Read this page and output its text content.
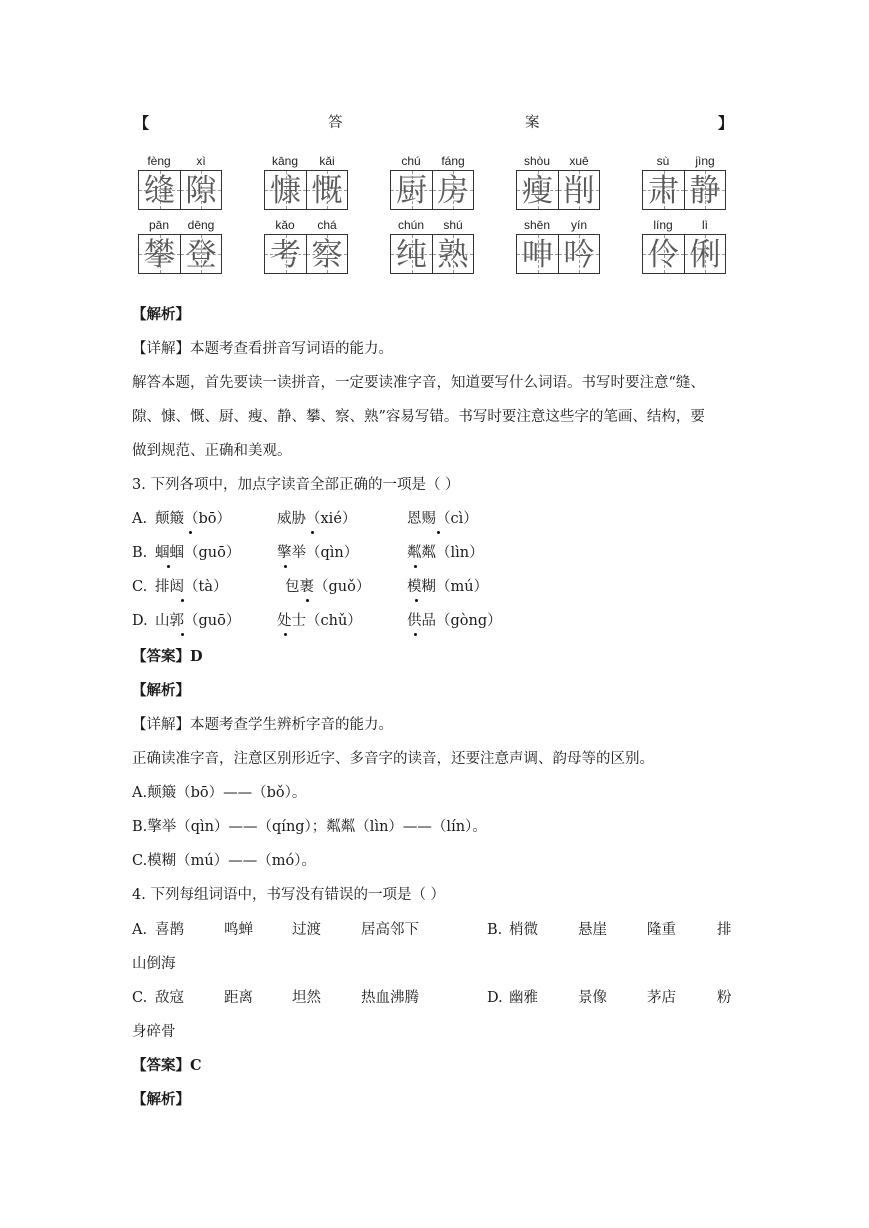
【	答	案	】
fèng xì
缝 隙
kāng kǎi
慷 慨
chú fáng
厨 房
shòu xuē
瘦 削
sù jìng
肃 静
pān dēng
攀 登
kǎo chá
考 察
chún shú
纯 熟
shēn yín
呻 吟
líng lì
伶 俐
【解析】
【详解】本题考查看拼音写词语的能力。
解答本题，首先要读一读拼音，一定要读准字音，知道要写什么词语。书写时要注意“缝、
隙、慷、慨、厨、瘦、静、攀、察、熟”容易写错。书写时要注意这些字的笔画、结构，要
做到规范、正确和美观。
3. 下列各项中，加点字读音全部正确的一项是（ ）
A. 颠簸（bō）	威胁（xié）	恩赐（cì）
B. 蝈蝈（guō）	擎举（qìn）	粼粼（lìn）
C. 排闼（tà）	包裹（guǒ）	模糊（mú）
D. 山郭（guō）	处士（chǔ）	供品（gòng）
【答案】D
【解析】
【详解】本题考查学生辨析字音的能力。
正确读准字音，注意区别形近字、多音字的读音，还要注意声调、韵母等的区别。
A.颠簸（bō）——（bǒ）。
B.擎举（qìn）——（qíng）；粼粼（lìn）——（lín）。
C.模糊（mú）——（mó）。
4. 下列每组词语中，书写没有错误的一项是（ ）
A. 喜鹊	鸣蝉	过渡	居高邻下	B. 梢微	悬崖	隆重	排
山倒海
C. 敌寇	距离	坦然	热血沸腾	D. 幽雅	景像	茅店	粉
身碎骨
【答案】C
【解析】
